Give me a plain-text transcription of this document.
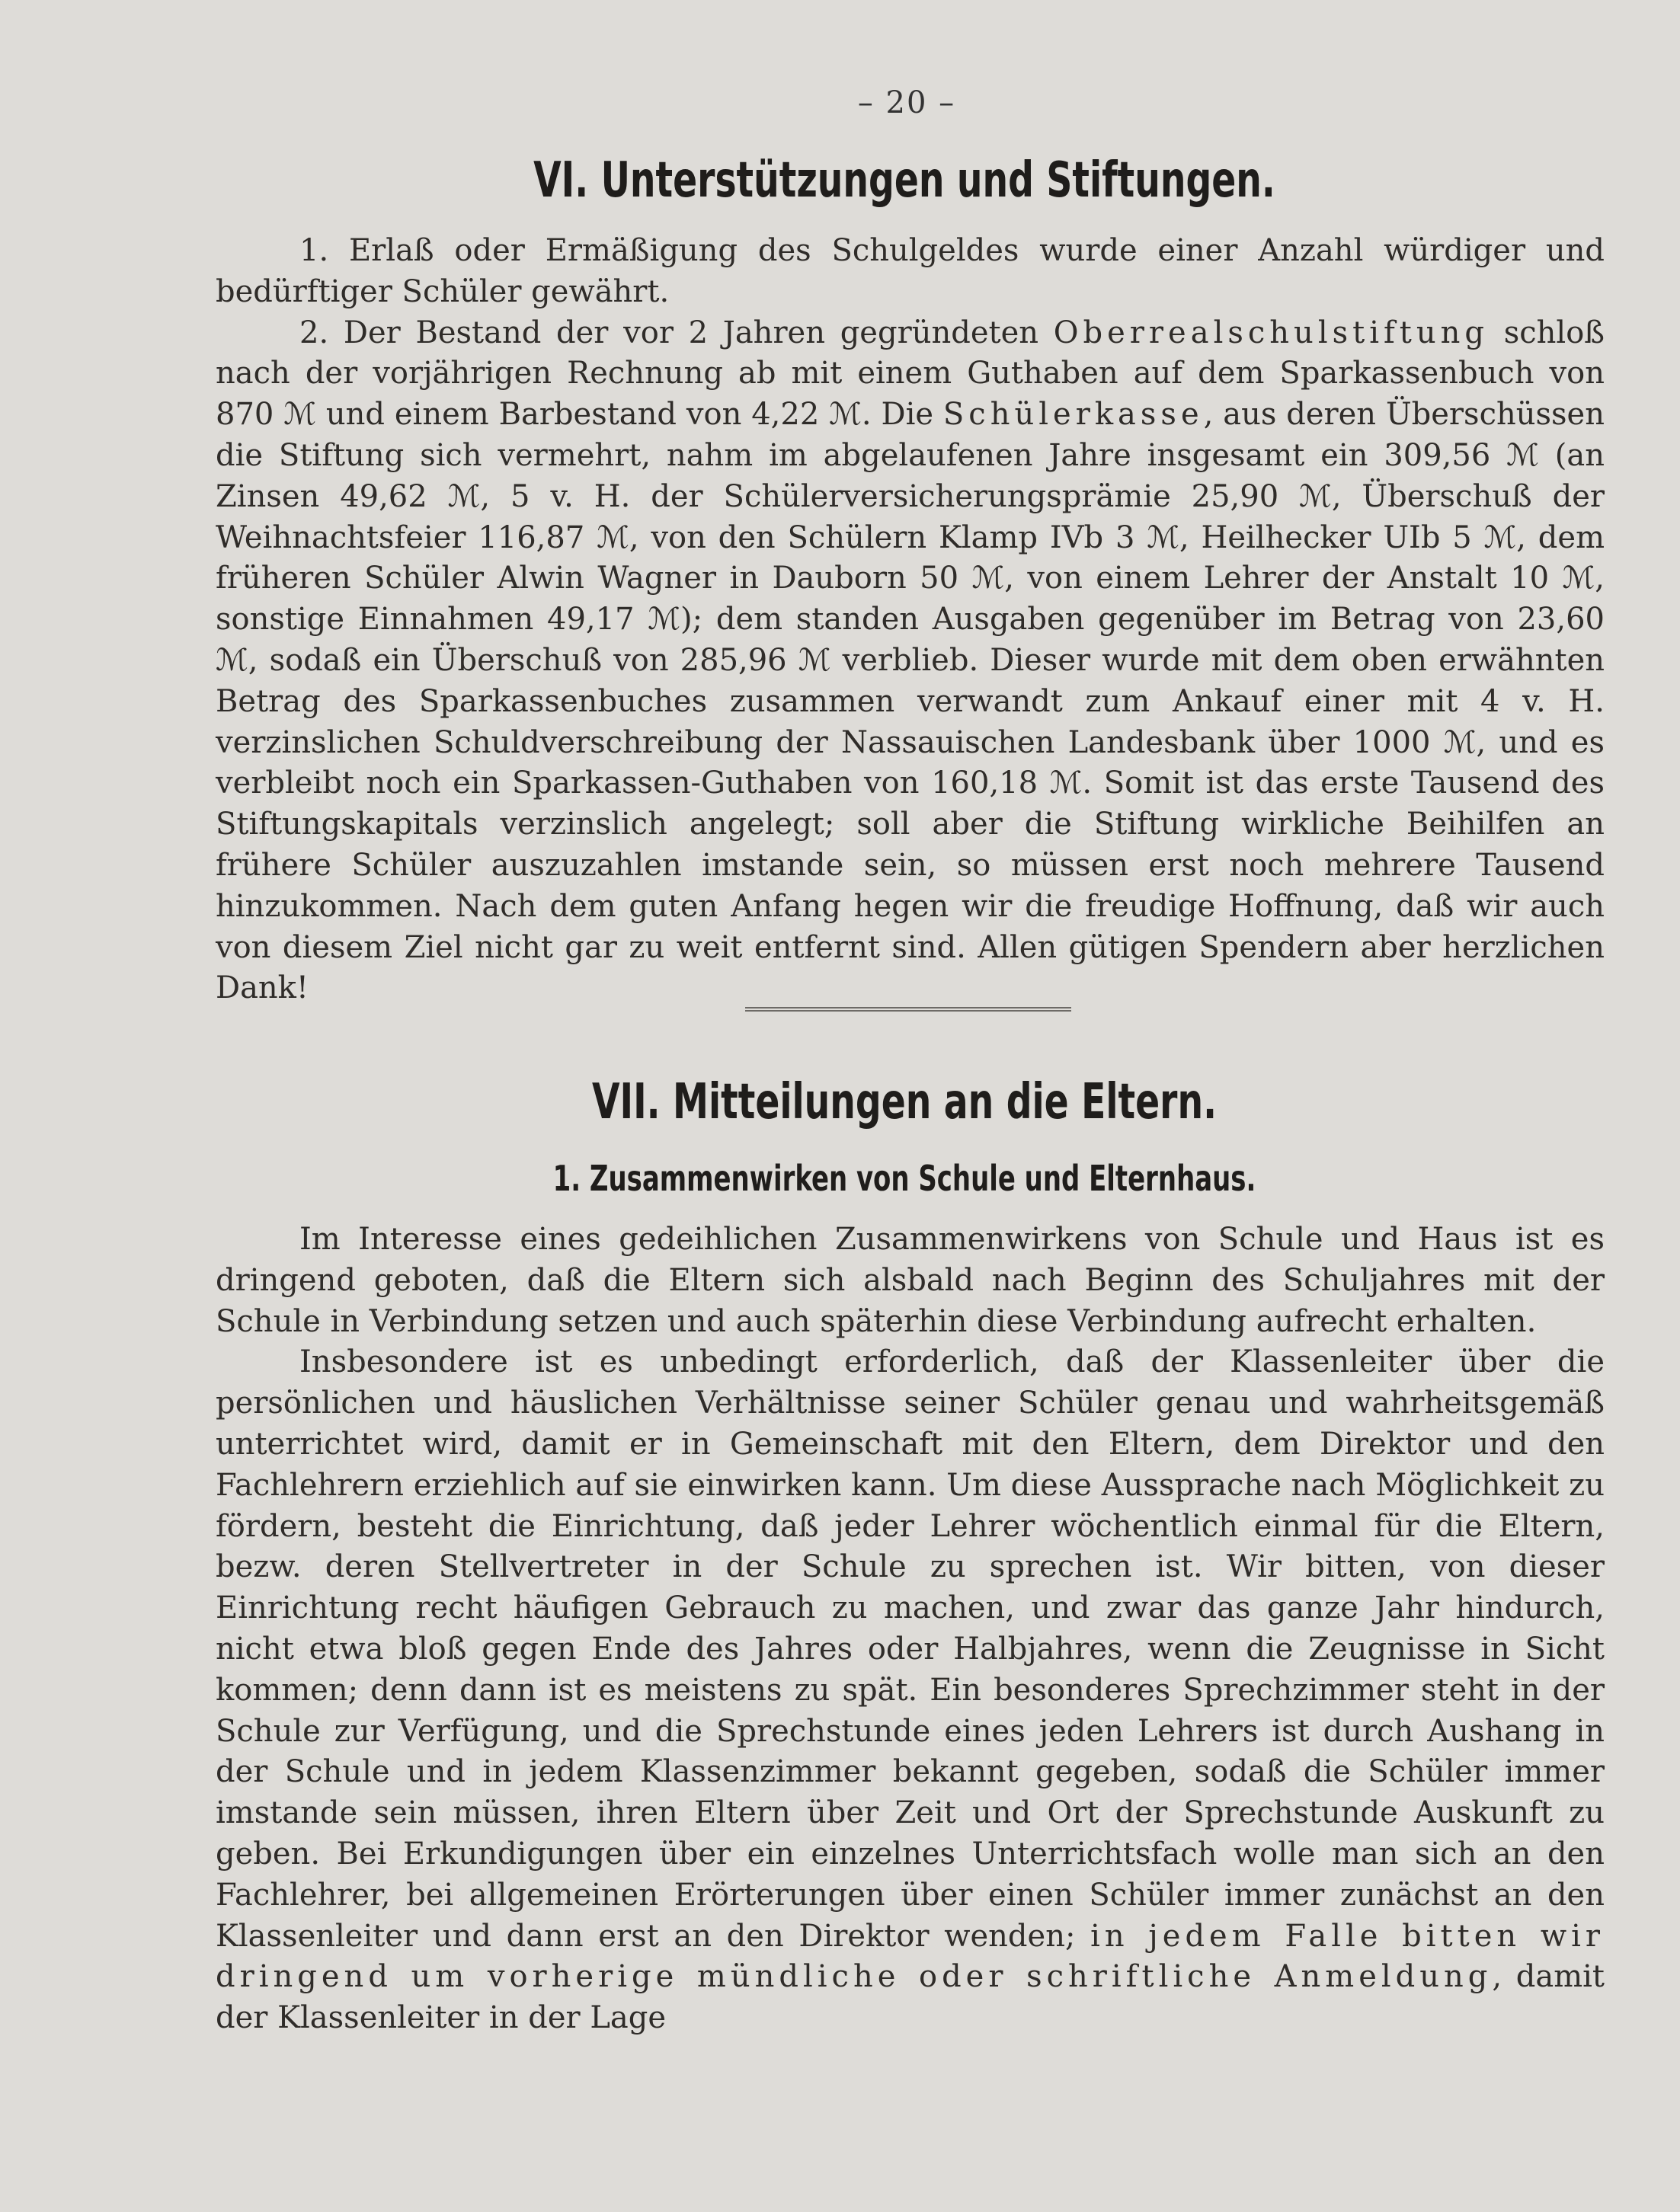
– 20 –
VI. Unterstützungen und Stiftungen.

1. Erlaß oder Ermäßigung des Schulgeldes wurde einer Anzahl würdiger und bedürftiger Schüler gewährt.

2. Der Bestand der vor 2 Jahren gegründeten Oberrealschulstiftung schloß nach der vorjährigen Rechnung ab mit einem Guthaben auf dem Sparkassenbuch von 870 ℳ und einem Barbestand von 4,22 ℳ. Die Schülerkasse, aus deren Überschüssen die Stiftung sich vermehrt, nahm im abgelaufenen Jahre insgesamt ein 309,56 ℳ (an Zinsen 49,62 ℳ, 5 v. H. der Schülerversicherungsprämie 25,90 ℳ, Überschuß der Weihnachtsfeier 116,87 ℳ, von den Schülern Klamp IVb 3 ℳ, Heilhecker UIb 5 ℳ, dem früheren Schüler Alwin Wagner in Dauborn 50 ℳ, von einem Lehrer der Anstalt 10 ℳ, sonstige Einnahmen 49,17 ℳ); dem standen Ausgaben gegenüber im Betrag von 23,60 ℳ, sodaß ein Überschuß von 285,96 ℳ verblieb. Dieser wurde mit dem oben erwähnten Betrag des Sparkassenbuches zusammen verwandt zum Ankauf einer mit 4 v. H. verzinslichen Schuldverschreibung der Nassauischen Landesbank über 1000 ℳ, und es verbleibt noch ein Sparkassen-Guthaben von 160,18 ℳ. Somit ist das erste Tausend des Stiftungskapitals verzinslich angelegt; soll aber die Stiftung wirkliche Beihilfen an frühere Schüler auszuzahlen imstande sein, so müssen erst noch mehrere Tausend hinzukommen. Nach dem guten Anfang hegen wir die freudige Hoffnung, daß wir auch von diesem Ziel nicht gar zu weit entfernt sind. Allen gütigen Spendern aber herzlichen Dank!

VII. Mitteilungen an die Eltern.
1. Zusammenwirken von Schule und Elternhaus.

Im Interesse eines gedeihlichen Zusammenwirkens von Schule und Haus ist es dringend geboten, daß die Eltern sich alsbald nach Beginn des Schuljahres mit der Schule in Verbindung setzen und auch späterhin diese Verbindung aufrecht erhalten.

Insbesondere ist es unbedingt erforderlich, daß der Klassenleiter über die persönlichen und häuslichen Verhältnisse seiner Schüler genau und wahrheitsgemäß unterrichtet wird, damit er in Gemeinschaft mit den Eltern, dem Direktor und den Fachlehrern erziehlich auf sie einwirken kann. Um diese Aussprache nach Möglichkeit zu fördern, besteht die Einrichtung, daß jeder Lehrer wöchentlich einmal für die Eltern, bezw. deren Stellvertreter in der Schule zu sprechen ist. Wir bitten, von dieser Einrichtung recht häufigen Gebrauch zu machen, und zwar das ganze Jahr hindurch, nicht etwa bloß gegen Ende des Jahres oder Halbjahres, wenn die Zeugnisse in Sicht kommen; denn dann ist es meistens zu spät. Ein besonderes Sprechzimmer steht in der Schule zur Verfügung, und die Sprechstunde eines jeden Lehrers ist durch Aushang in der Schule und in jedem Klassenzimmer bekannt gegeben, sodaß die Schüler immer imstande sein müssen, ihren Eltern über Zeit und Ort der Sprechstunde Auskunft zu geben. Bei Erkundigungen über ein einzelnes Unterrichtsfach wolle man sich an den Fachlehrer, bei allgemeinen Erörterungen über einen Schüler immer zunächst an den Klassenleiter und dann erst an den Direktor wenden; in jedem Falle bitten wir dringend um vorherige mündliche oder schriftliche Anmeldung, damit der Klassenleiter in der Lage
